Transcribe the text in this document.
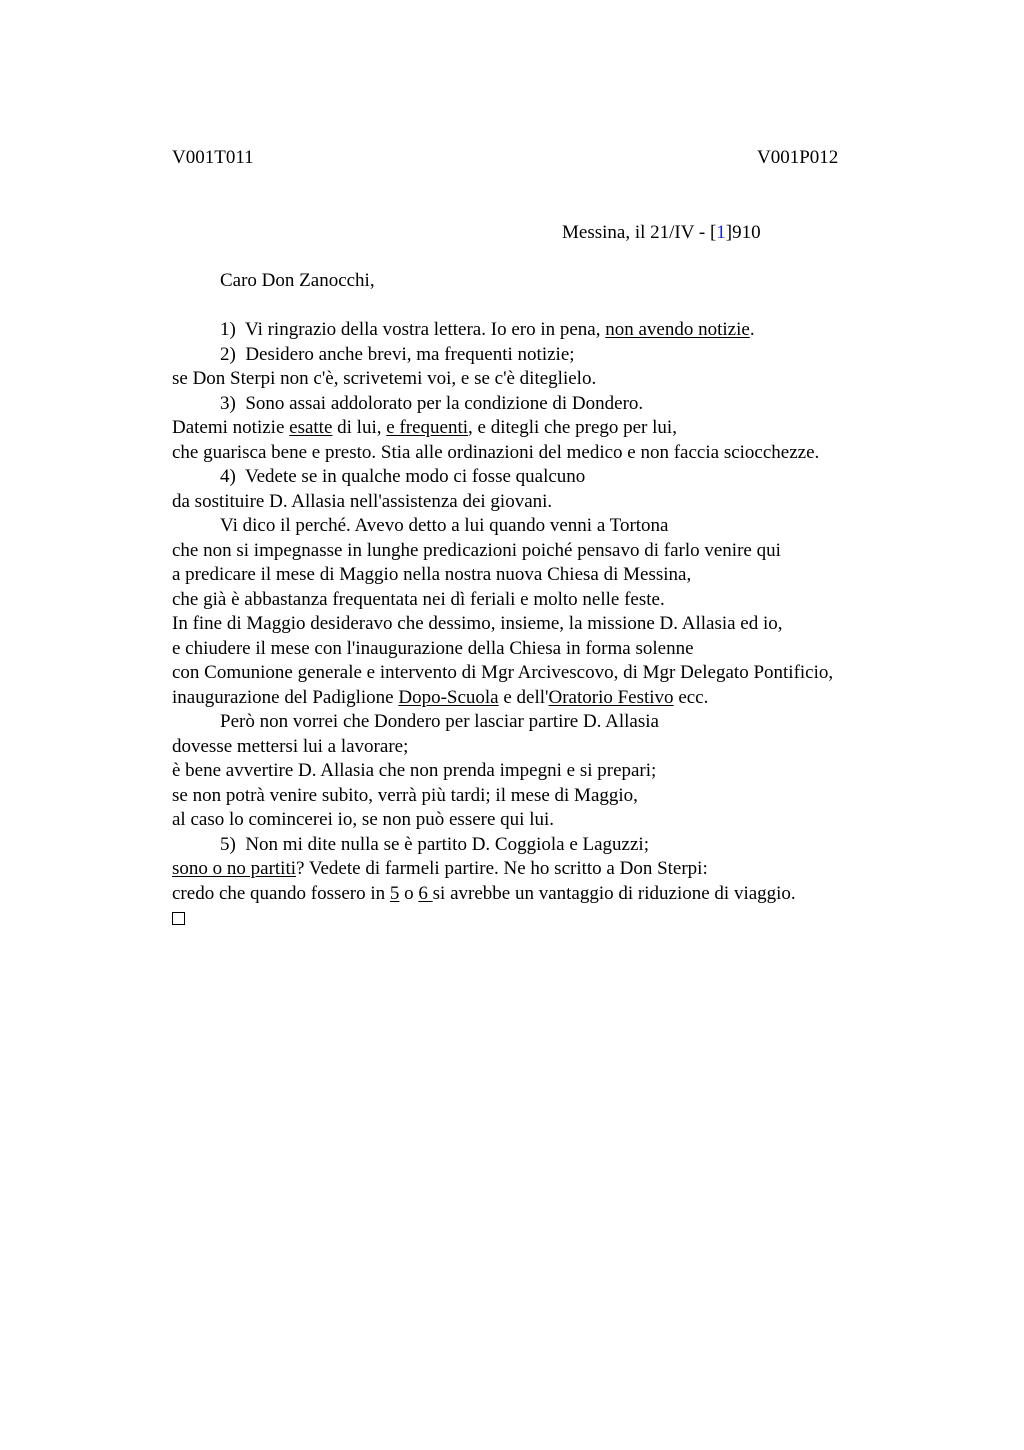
V001T011	V001P012
Messina, il 21/IV - [1]910
Caro Don Zanocchi,
1)  Vi ringrazio della vostra lettera. Io ero in pena, non avendo notizie.
2)  Desidero anche brevi, ma frequenti notizie;
se Don Sterpi non c'è, scrivetemi voi, e se c'è diteglielo.
3)  Sono assai addolorato per la condizione di Dondero.
Datemi notizie esatte di lui, e frequenti, e ditegli che prego per lui,
che guarisca bene e presto. Stia alle ordinazioni del medico e non faccia sciocchezze.
4)  Vedete se in qualche modo ci fosse qualcuno
da sostituire D. Allasia nell'assistenza dei giovani.
Vi dico il perché. Avevo detto a lui quando venni a Tortona
che non si impegnasse in lunghe predicazioni poiché pensavo di farlo venire qui
a predicare il mese di Maggio nella nostra nuova Chiesa di Messina,
che già è abbastanza frequentata nei dì feriali e molto nelle feste.
In fine di Maggio desideravo che dessimo, insieme, la missione D. Allasia ed io,
e chiudere il mese con l'inaugurazione della Chiesa in forma solenne
con Comunione generale e intervento di Mgr Arcivescovo, di Mgr Delegato Pontificio,
inaugurazione del Padiglione Dopo-Scuola e dell'Oratorio Festivo ecc.
Però non vorrei che Dondero per lasciar partire D. Allasia
dovesse mettersi lui a lavorare;
è bene avvertire D. Allasia che non prenda impegni e si prepari;
se non potrà venire subito, verrà più tardi; il mese di Maggio,
al caso lo comincerei io, se non può essere qui lui.
5)  Non mi dite nulla se è partito D. Coggiola e Laguzzi;
sono o no partiti? Vedete di farmeli partire. Ne ho scritto a Don Sterpi:
credo che quando fossero in 5 o 6 si avrebbe un vantaggio di riduzione di viaggio.
